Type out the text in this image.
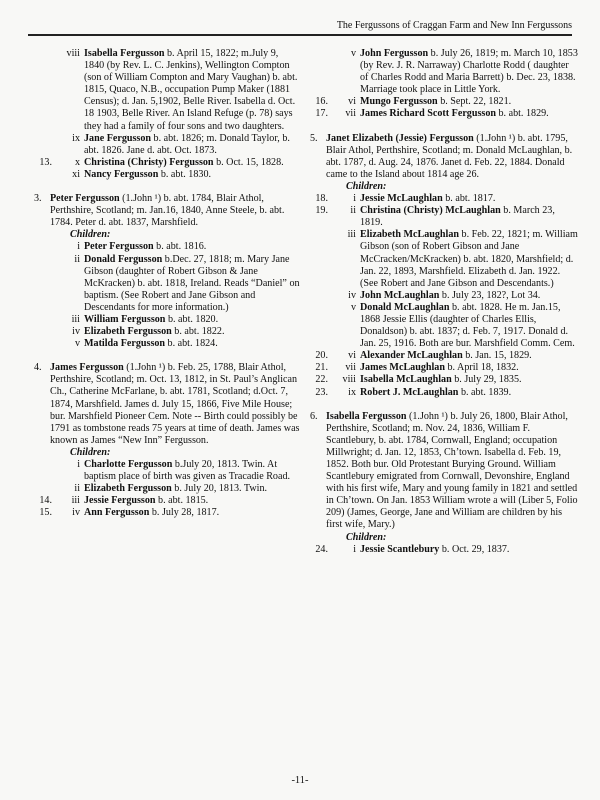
The Fergussons of Craggan Farm and New Inn Fergussons
viii Isabella Fergusson b. April 15, 1822; m.July 9, 1840 (by Rev. L. C. Jenkins), Wellington Compton (son of William Compton and Mary Vaughan) b. abt. 1815, Quaco, N.B., occupation Pump Maker (1881 Census); d. Jan. 5,1902, Belle River. Isabella d. Oct. 18 1903, Belle River. An Island Refuge (p. 78) says they had a family of four sons and two daughters.
ix Jane Fergusson b. abt. 1826; m. Donald Taylor, b. abt. 1826. Jane d. abt. Oct. 1873.
13.	x Christina (Christy) Fergusson b. Oct. 15, 1828.
xi Nancy Fergusson b. abt. 1830.
3. Peter Fergusson (1.John ¹) b. abt. 1784, Blair Athol, Perthshire, Scotland; m. Jan.16, 1840, Anne Steele, b. abt. 1784. Peter d. abt. 1837, Marshfield.
Children:
i Peter Fergusson b. abt. 1816.
ii Donald Fergusson b.Dec. 27, 1818; m. Mary Jane Gibson (daughter of Robert Gibson & Jane McKracken) b. abt. 1818, Ireland. Reads “Daniel” on baptism. (See Robert and Jane Gibson and Descendants for more information.)
iii William Fergusson b. abt. 1820.
iv Elizabeth Fergusson b. abt. 1822.
v Matilda Fergusson b. abt. 1824.
4. James Fergusson (1.John ¹) b. Feb. 25, 1788, Blair Athol, Perthshire, Scotland; m. Oct. 13, 1812, in St. Paul’s Anglican Ch., Catherine McFarlane, b. abt. 1781, Scotland; d.Oct. 7, 1874, Marshfield. James d. July 15, 1866, Five Mile House; bur. Marshfield Pioneer Cem. Note -- Birth could possibly be 1791 as tombstone reads 75 years at time of death. James was known as James “New Inn” Fergusson.
Children:
i Charlotte Fergusson b.July 20, 1813. Twin. At baptism place of birth was given as Tracadie Road.
ii Elizabeth Fergusson b. July 20, 1813. Twin.
14.	iii Jessie Fergusson b. abt. 1815.
15.	iv Ann Fergusson b. July 28, 1817.
v John Fergusson b. July 26, 1819; m. March 10, 1853 (by Rev. J. R. Narraway) Charlotte Rodd ( daughter of Charles Rodd and Maria Barrett) b. Dec. 23, 1838. Marriage took place in Little York.
16.	vi Mungo Fergusson b. Sept. 22, 1821.
17.	vii James Richard Scott Fergusson b. abt. 1829.
5. Janet Elizabeth (Jessie) Fergusson (1.John ¹) b. abt. 1795, Blair Athol, Perthshire, Scotland; m. Donald McLaughlan, b. abt. 1787, d. Aug. 24, 1876. Janet d. Feb. 22, 1884. Donald came to the Island about 1814 age 26.
Children:
18.	i Jessie McLaughlan b. abt. 1817.
19.	ii Christina (Christy) McLaughlan b. March 23, 1819.
iii Elizabeth McLaughlan b. Feb. 22, 1821; m. William Gibson (son of Robert Gibson and Jane McCracken/McKracken) b. abt. 1820, Marshfield; d. Jan. 22, 1893, Marshfield. Elizabeth d. Jan. 1922. (See Robert and Jane Gibson and Descendants.)
iv John McLaughlan b. July 23, 182?, Lot 34.
v Donald McLaughlan b. abt. 1828. He m. Jan.15, 1868 Jessie Ellis (daughter of Charles Ellis, Donaldson) b. abt. 1837; d. Feb. 7, 1917. Donald d. Jan. 25, 1916. Both are bur. Marshfield Comm. Cem.
20.	vi Alexander McLaughlan b. Jan. 15, 1829.
21.	vii James McLaughlan b. April 18, 1832.
22.	viii Isabella McLaughlan b. July 29, 1835.
23.	ix Robert J. McLaughlan b. abt. 1839.
6. Isabella Fergusson (1.John ¹) b. July 26, 1800, Blair Athol, Perthshire, Scotland; m. Nov. 24, 1836, William F. Scantlebury, b. abt. 1784, Cornwall, England; occupation Millwright; d. Jan. 12, 1853, Ch’town. Isabella d. Feb. 19, 1852. Both bur. Old Protestant Burying Ground. William Scantlebury emigrated from Cornwall, Devonshire, England with his first wife, Mary and young family in 1821 and settled in Ch’town. On Jan. 1853 William wrote a will (Liber 5, Folio 209) (James, George, Jane and William are children by his first wife, Mary.)
Children:
24.	i Jessie Scantlebury b. Oct. 29, 1837.
-11-
